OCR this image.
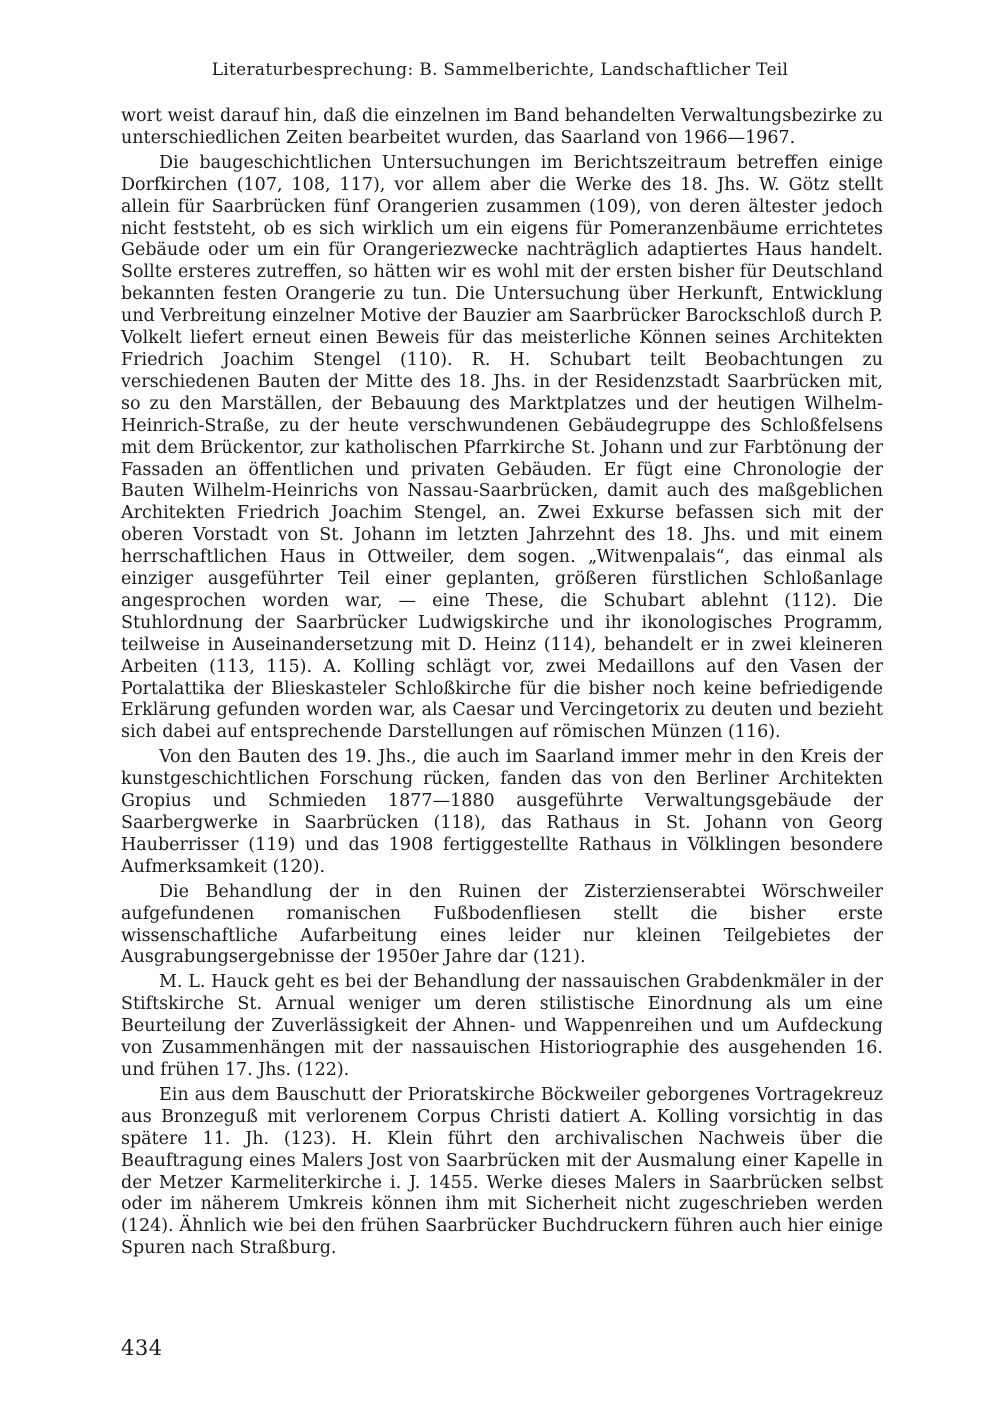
Literaturbesprechung: B. Sammelberichte, Landschaftlicher Teil

wort weist darauf hin, daß die einzelnen im Band behandelten Verwaltungsbezirke zu unterschiedlichen Zeiten bearbeitet wurden, das Saarland von 1966—1967.

Die baugeschichtlichen Untersuchungen im Berichtszeitraum betreffen einige Dorfkirchen (107, 108, 117), vor allem aber die Werke des 18. Jhs. W. Götz stellt allein für Saarbrücken fünf Orangerien zusammen (109), von deren ältester jedoch nicht feststeht, ob es sich wirklich um ein eigens für Pomeranzenbäume errichtetes Gebäude oder um ein für Orangeriezwecke nachträglich adaptiertes Haus handelt. Sollte ersteres zutreffen, so hätten wir es wohl mit der ersten bisher für Deutschland bekannten festen Orangerie zu tun. Die Untersuchung über Herkunft, Entwicklung und Verbreitung einzelner Motive der Bauzier am Saarbrücker Barockschloß durch P. Volkelt liefert erneut einen Beweis für das meisterliche Können seines Architekten Friedrich Joachim Stengel (110). R. H. Schubart teilt Beobachtungen zu verschiedenen Bauten der Mitte des 18. Jhs. in der Residenzstadt Saarbrücken mit, so zu den Marställen, der Bebauung des Marktplatzes und der heutigen Wilhelm-Heinrich-Straße, zu der heute verschwundenen Gebäudegruppe des Schloßfelsens mit dem Brückentor, zur katholischen Pfarrkirche St. Johann und zur Farbtönung der Fassaden an öffentlichen und privaten Gebäuden. Er fügt eine Chronologie der Bauten Wilhelm-Heinrichs von Nassau-Saarbrücken, damit auch des maßgeblichen Architekten Friedrich Joachim Stengel, an. Zwei Exkurse befassen sich mit der oberen Vorstadt von St. Johann im letzten Jahrzehnt des 18. Jhs. und mit einem herrschaftlichen Haus in Ottweiler, dem sogen. „Witwenpalais“, das einmal als einziger ausgeführter Teil einer geplanten, größeren fürstlichen Schloßanlage angesprochen worden war, — eine These, die Schubart ablehnt (112). Die Stuhlordnung der Saarbrücker Ludwigskirche und ihr ikonologisches Programm, teilweise in Auseinandersetzung mit D. Heinz (114), behandelt er in zwei kleineren Arbeiten (113, 115). A. Kolling schlägt vor, zwei Medaillons auf den Vasen der Portalattika der Blieskasteler Schloßkirche für die bisher noch keine befriedigende Erklärung gefunden worden war, als Caesar und Vercingetorix zu deuten und bezieht sich dabei auf entsprechende Darstellungen auf römischen Münzen (116).

Von den Bauten des 19. Jhs., die auch im Saarland immer mehr in den Kreis der kunstgeschichtlichen Forschung rücken, fanden das von den Berliner Architekten Gropius und Schmieden 1877—1880 ausgeführte Verwaltungsgebäude der Saarbergwerke in Saarbrücken (118), das Rathaus in St. Johann von Georg Hauberrisser (119) und das 1908 fertiggestellte Rathaus in Völklingen besondere Aufmerksamkeit (120).

Die Behandlung der in den Ruinen der Zisterzienserabtei Wörschweiler aufgefundenen romanischen Fußbodenfliesen stellt die bisher erste wissenschaftliche Aufarbeitung eines leider nur kleinen Teilgebietes der Ausgrabungsergebnisse der 1950er Jahre dar (121).

M. L. Hauck geht es bei der Behandlung der nassauischen Grabdenkmäler in der Stiftskirche St. Arnual weniger um deren stilistische Einordnung als um eine Beurteilung der Zuverlässigkeit der Ahnen- und Wappenreihen und um Aufdeckung von Zusammenhängen mit der nassauischen Historiographie des ausgehenden 16. und frühen 17. Jhs. (122).

Ein aus dem Bauschutt der Prioratskirche Böckweiler geborgenes Vortragekreuz aus Bronzeguß mit verlorenem Corpus Christi datiert A. Kolling vorsichtig in das spätere 11. Jh. (123). H. Klein führt den archivalischen Nachweis über die Beauftragung eines Malers Jost von Saarbrücken mit der Ausmalung einer Kapelle in der Metzer Karmeliterkirche i. J. 1455. Werke dieses Malers in Saarbrücken selbst oder im näherem Umkreis können ihm mit Sicherheit nicht zugeschrieben werden (124). Ähnlich wie bei den frühen Saarbrücker Buchdruckern führen auch hier einige Spuren nach Straßburg.

434
